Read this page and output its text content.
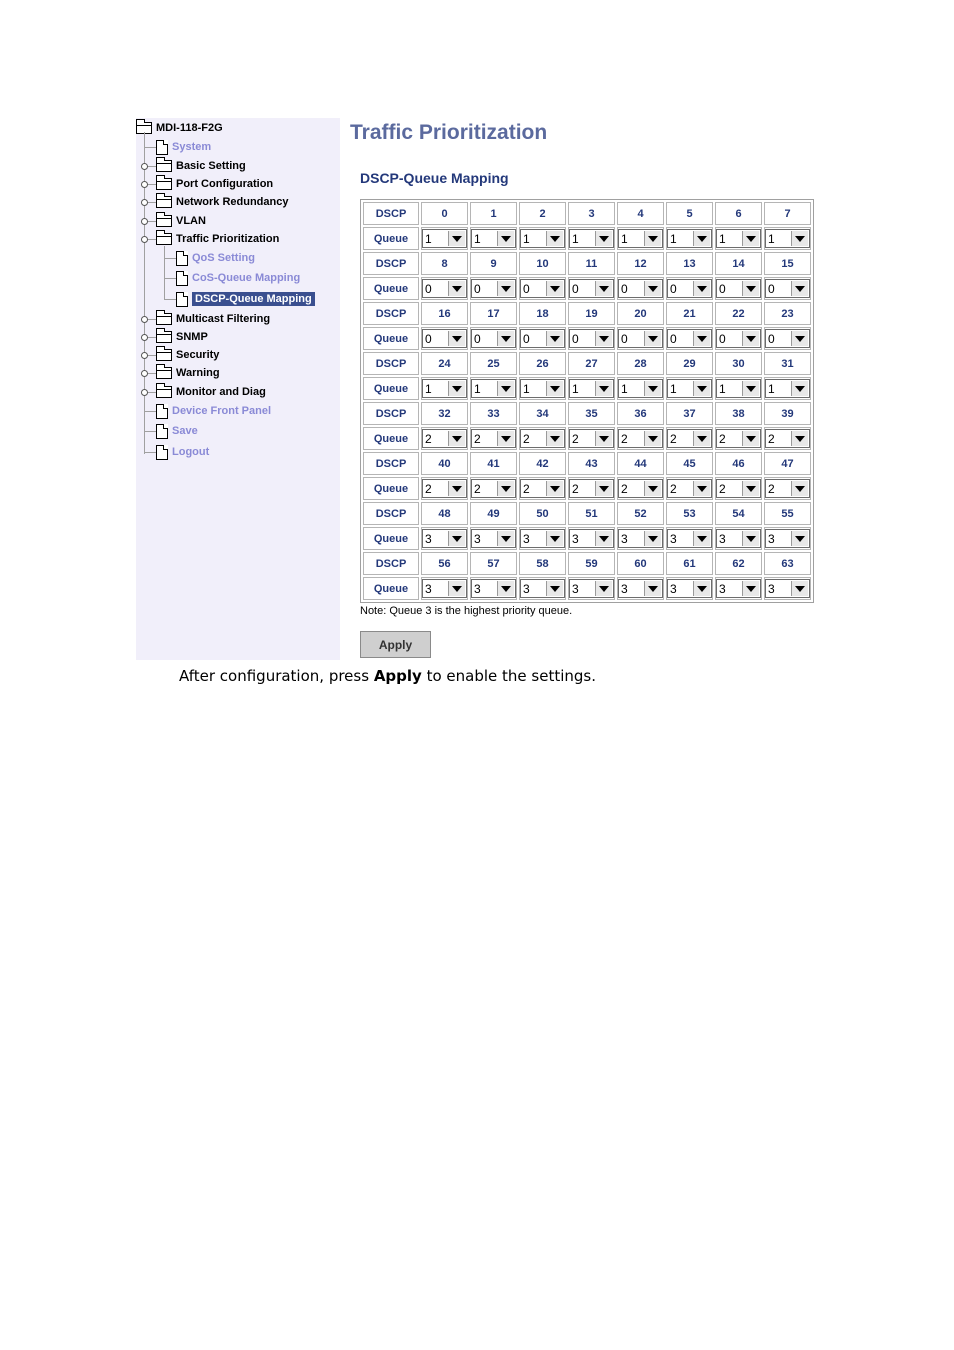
MDI-118-F2G
System
Basic Setting
Port Configuration
Network Redundancy
VLAN
Traffic Prioritization
QoS Setting
CoS-Queue Mapping
DSCP-Queue Mapping
Multicast Filtering
SNMP
Security
Warning
Monitor and Diag
Device Front Panel
Save
Logout
Traffic Prioritization
DSCP-Queue Mapping
DSCP	0	1	2	3	4	5	6	7
Queue	1	1	1	1	1	1	1	1

DSCP	8	9	10	11	12	13	14	15
Queue	0	0	0	0	0	0	0	0

DSCP	16	17	18	19	20	21	22	23
Queue	0	0	0	0	0	0	0	0

DSCP	24	25	26	27	28	29	30	31
Queue	1	1	1	1	1	1	1	1

DSCP	32	33	34	35	36	37	38	39
Queue	2	2	2	2	2	2	2	2

DSCP	40	41	42	43	44	45	46	47
Queue	2	2	2	2	2	2	2	2

DSCP	48	49	50	51	52	53	54	55
Queue	3	3	3	3	3	3	3	3

DSCP	56	57	58	59	60	61	62	63
Queue	3	3	3	3	3	3	3	3
Note: Queue 3 is the highest priority queue.
Apply
After configuration, press Apply to enable the settings.
